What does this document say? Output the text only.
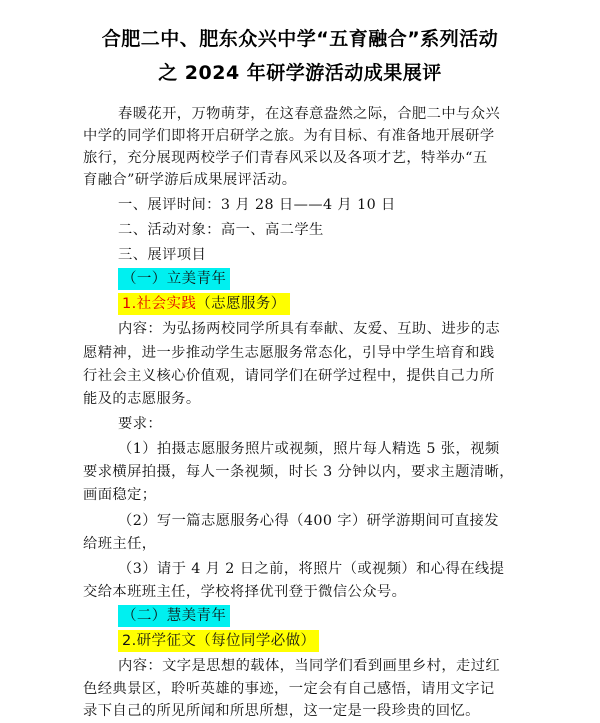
合肥二中、肥东众兴中学“五育融合”系列活动
之 2024 年研学游活动成果展评
春暖花开，万物萌芽，在这春意盎然之际，合肥二中与众兴
中学的同学们即将开启研学之旅。为有目标、有准备地开展研学
旅行，充分展现两校学子们青春风采以及各项才艺，特举办“五
育融合”研学游后成果展评活动。
一、展评时间：3 月 28 日——4 月 10 日
二、活动对象：高一、高二学生
三、展评项目
（一）立美青年
1.社会实践（志愿服务）
内容：为弘扬两校同学所具有奉献、友爱、互助、进步的志
愿精神，进一步推动学生志愿服务常态化，引导中学生培育和践
行社会主义核心价值观，请同学们在研学过程中，提供自己力所
能及的志愿服务。
要求：
（1）拍摄志愿服务照片或视频，照片每人精选 5 张，视频
要求横屏拍摄，每人一条视频，时长 3 分钟以内，要求主题清晰，
画面稳定；
（2）写一篇志愿服务心得（400 字）研学游期间可直接发
给班主任，
（3）请于 4 月 2 日之前，将照片（或视频）和心得在线提
交给本班班主任，学校将择优刊登于微信公众号。
（二）慧美青年
2.研学征文（每位同学必做）
内容：文字是思想的载体，当同学们看到画里乡村，走过红
色经典景区，聆听英雄的事迹，一定会有自己感悟，请用文字记
录下自己的所见所闻和所思所想，这一定是一段珍贵的回忆。
